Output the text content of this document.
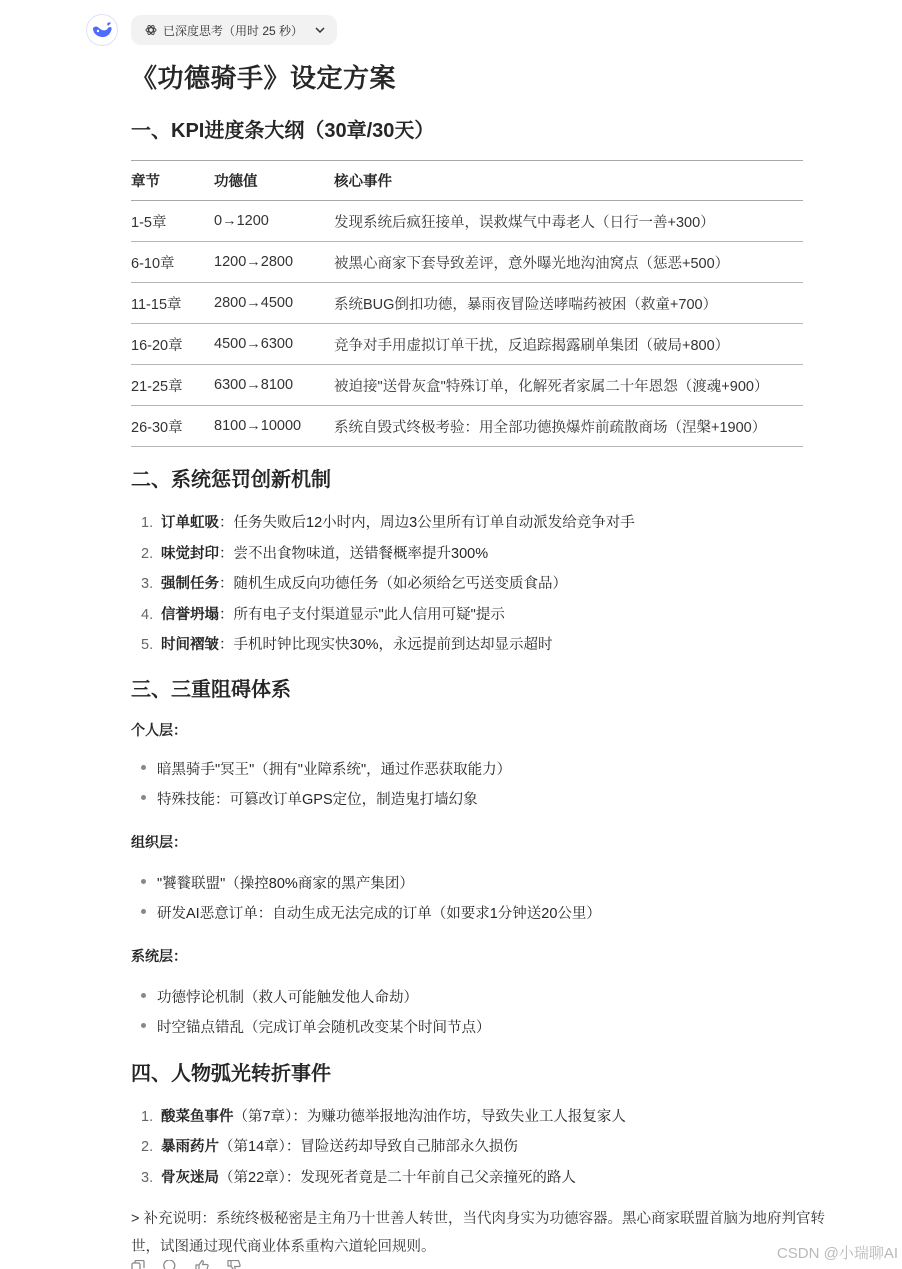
已深度思考（用时 25 秒）
《功德骑手》设定方案
一、KPI进度条大纲（30章/30天）
章节	功德值	核心事件
1-5章	0→1200	发现系统后疯狂接单，误救煤气中毒老人（日行一善+300）
6-10章	1200→2800	被黑心商家下套导致差评，意外曝光地沟油窝点（惩恶+500）
11-15章	2800→4500	系统BUG倒扣功德，暴雨夜冒险送哮喘药被困（救童+700）
16-20章	4500→6300	竞争对手用虚拟订单干扰，反追踪揭露刷单集团（破局+800）
21-25章	6300→8100	被迫接"送骨灰盒"特殊订单，化解死者家属二十年恩怨（渡魂+900）
26-30章	8100→10000	系统自毁式终极考验：用全部功德换爆炸前疏散商场（涅槃+1900）
二、系统惩罚创新机制
1. 订单虹吸：任务失败后12小时内，周边3公里所有订单自动派发给竞争对手
2. 味觉封印：尝不出食物味道，送错餐概率提升300%
3. 强制任务：随机生成反向功德任务（如必须给乞丐送变质食品）
4. 信誉坍塌：所有电子支付渠道显示"此人信用可疑"提示
5. 时间褶皱：手机时钟比现实快30%，永远提前到达却显示超时
三、三重阻碍体系
个人层：
暗黑骑手"冥王"（拥有"业障系统"，通过作恶获取能力）
特殊技能：可篡改订单GPS定位，制造鬼打墙幻象
组织层：
"饕餮联盟"（操控80%商家的黑产集团）
研发AI恶意订单：自动生成无法完成的订单（如要求1分钟送20公里）
系统层：
功德悖论机制（救人可能触发他人命劫）
时空锚点错乱（完成订单会随机改变某个时间节点）
四、人物弧光转折事件
1. 酸菜鱼事件（第7章）：为赚功德举报地沟油作坊，导致失业工人报复家人
2. 暴雨药片（第14章）：冒险送药却导致自己肺部永久损伤
3. 骨灰迷局（第22章）：发现死者竟是二十年前自己父亲撞死的路人

> 补充说明：系统终极秘密是主角乃十世善人转世，当代肉身实为功德容器。黑心商家联盟首脑为地府判官转世，试图通过现代商业体系重构六道轮回规则。	CSDN @小瑞聊AI
